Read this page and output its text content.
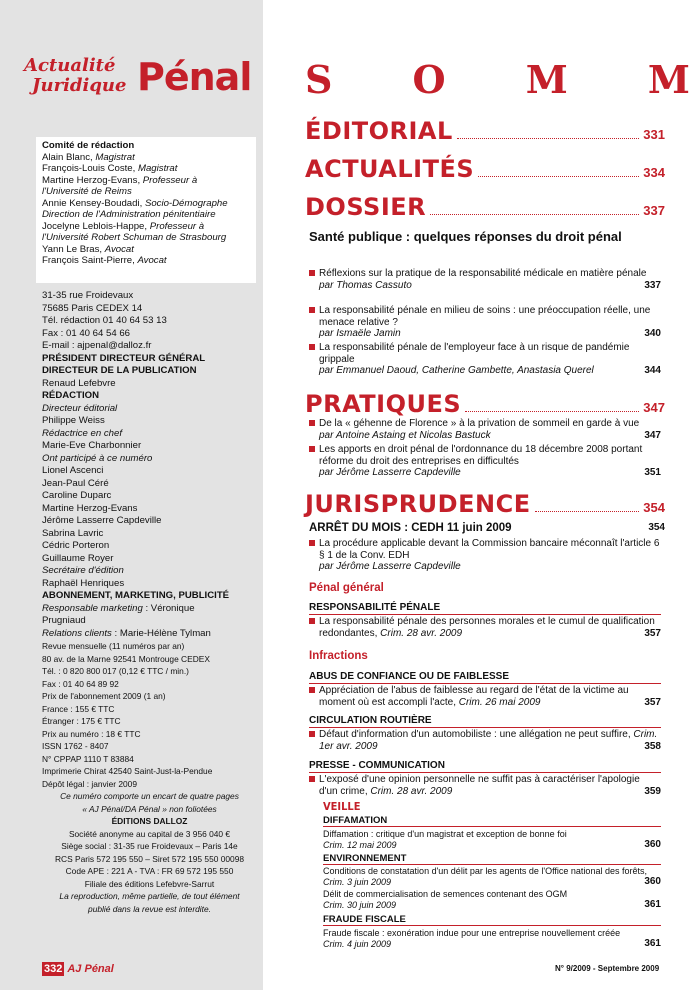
Actualité
Juridique Pénal
Comité de rédaction
Alain Blanc, Magistrat
François-Louis Coste, Magistrat
Martine Herzog-Evans, Professeur à
l'Université de Reims
Annie Kensey-Boudadi, Socio-Démographe
Direction de l'Administration pénitentiaire
Jocelyne Leblois-Happe, Professeur à
l'Université Robert Schuman de Strasbourg
Yann Le Bras, Avocat
François Saint-Pierre, Avocat
31-35 rue Froidevaux
75685 Paris CEDEX 14
Tél. rédaction 01 40 64 53 13
Fax : 01 40 64 54 66
E-mail : ajpenal@dalloz.fr
PRÉSIDENT DIRECTEUR GÉNÉRAL
DIRECTEUR DE LA PUBLICATION
Renaud Lefebvre
RÉDACTION
Directeur éditorial
Philippe Weiss
Rédactrice en chef
Marie-Eve Charbonnier
Ont participé à ce numéro
Lionel Ascenci
Jean-Paul Céré
Caroline Duparc
Martine Herzog-Evans
Jérôme Lasserre Capdeville
Sabrina Lavric
Cédric Porteron
Guillaume Royer
Secrétaire d'édition
Raphaël Henriques
ABONNEMENT, MARKETING, PUBLICITÉ
Responsable marketing : Véronique
Prugniaud
Relations clients : Marie-Hélène Tylman
Revue mensuelle (11 numéros par an)
80 av. de la Marne 92541 Montrouge CEDEX
Tél. : 0 820 800 017 (0,12 € TTC / min.)
Fax : 01 40 64 89 92
Prix de l'abonnement 2009 (1 an)
France : 155 € TTC
Étranger : 175 € TTC
Prix au numéro : 18 € TTC
ISSN 1762 - 8407
N° CPPAP 1110 T 83884
Imprimerie Chirat 42540 Saint-Just-la-Pendue
Dépôt légal : janvier 2009
Ce numéro comporte un encart de quatre pages
« AJ Pénal/DA Pénal » non foliotées
ÉDITIONS DALLOZ
Société anonyme au capital de 3 956 040 €
Siège social : 31-35 rue Froidevaux – Paris 14e
RCS Paris 572 195 550 – Siret 572 195 550 00098
Code APE : 221 A - TVA : FR 69 572 195 550
Filiale des éditions Lefebvre-Sarrut
La reproduction, même partielle, de tout élément
publié dans la revue est interdite.
332 AJ Pénal
S O M M
ÉDITORIAL	331
ACTUALITÉS	334
DOSSIER	337
Santé publique : quelques réponses du droit pénal
Réflexions sur la pratique de la responsabilité médicale en matière pénale
par Thomas Cassuto	337
La responsabilité pénale en milieu de soins : une préoccupation réelle, une menace relative ?
par Ismaële Jamin	340
La responsabilité pénale de l'employeur face à un risque de pandémie grippale
par Emmanuel Daoud, Catherine Gambette, Anastasia Querel	344
PRATIQUES	347
De la « géhenne de Florence » à la privation de sommeil en garde à vue
par Antoine Astaing et Nicolas Bastuck	347
Les apports en droit pénal de l'ordonnance du 18 décembre 2008 portant réforme du droit des entreprises en difficultés
par Jérôme Lasserre Capdeville	351
JURISPRUDENCE	354
ARRÊT DU MOIS : CEDH 11 juin 2009	354
La procédure applicable devant la Commission bancaire méconnaît l'article 6 § 1 de la Conv. EDH
par Jérôme Lasserre Capdeville
Pénal général
RESPONSABILITÉ PÉNALE
La responsabilité pénale des personnes morales et le cumul de qualification redondantes, Crim. 28 avr. 2009	357
Infractions
ABUS DE CONFIANCE OU DE FAIBLESSE
Appréciation de l'abus de faiblesse au regard de l'état de la victime au moment où est accompli l'acte, Crim. 26 mai 2009	357
CIRCULATION ROUTIÈRE
Défaut d'information d'un automobiliste : une allégation ne peut suffire, Crim. 1er avr. 2009	358
PRESSE - COMMUNICATION
L'exposé d'une opinion personnelle ne suffit pas à caractériser l'apologie d'un crime, Crim. 28 avr. 2009	359
VEILLE
DIFFAMATION
Diffamation : critique d'un magistrat et exception de bonne foi
Crim. 12 mai 2009	360
ENVIRONNEMENT
Conditions de constatation d'un délit par les agents de l'Office national des forêts, Crim. 3 juin 2009	360
Délit de commercialisation de semences contenant des OGM
Crim. 30 juin 2009	361
FRAUDE FISCALE
Fraude fiscale : exonération indue pour une entreprise nouvellement créée
Crim. 4 juin 2009	361
N° 9/2009 - Septembre 2009
